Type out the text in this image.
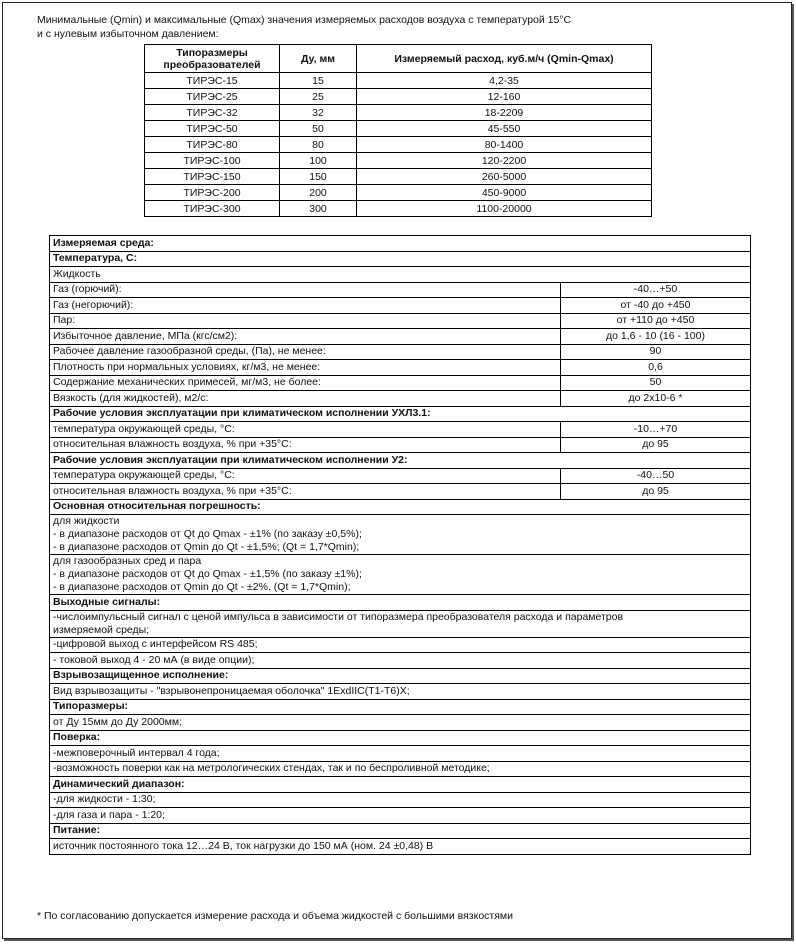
Минимальные (Qmin) и максимальные (Qmax) значения измеряемых расходов воздуха с температурой 15°С
и с нулевым избыточном давлением:
Типоразмеры преобразователей	Ду, мм	Измеряемый расход, куб.м/ч (Qmin-Qmax)
ТИРЭС-15	15	4,2-35
ТИРЭС-25	25	12-160
ТИРЭС-32	32	18-2209
ТИРЭС-50	50	45-550
ТИРЭС-80	80	80-1400
ТИРЭС-100	100	120-2200
ТИРЭС-150	150	260-5000
ТИРЭС-200	200	450-9000
ТИРЭС-300	300	1100-20000
Измеряемая среда:	
Температура, С:	
Жидкость	
Газ (горючий):	-40…+50
Газ (негорючий):	от -40 до +450
Пар:	от +110 до +450
Избыточное давление, МПа (кгс/см2):	до 1,6 - 10 (16 - 100)
Рабочее давление газообразной среды, (Па), не менее:	90
Плотность при нормальных условиях, кг/м3, не менее:	0,6
Содержание механических примесей, мг/м3, не более:	50
Вязкость (для жидкостей), м2/с:	до 2х10-6 *
Рабочие условия эксплуатации при климатическом исполнении УХЛ3.1:	
температура окружающей среды, °С:	-10…+70
относительная влажность воздуха, % при +35°С:	до 95
Рабочие условия эксплуатации при климатическом исполнении У2:	
температура окружающей среды, °С:	-40…50
относительная влажность воздуха, % при +35°С:	до 95
Основная относительная погрешность:	

для жидкости
- в диапазоне расходов от Qt до Qmax - ±1% (по заказу ±0,5%);
- в диапазоне расходов от Qmin до Qt - ±1,5%; (Qt = 1,7*Qmin);	

для газообразных сред и пара
- в диапазоне расходов от Qt до Qmax - ±1,5% (по заказу ±1%);
- в диапазоне расходов от Qmin до Qt - ±2%. (Qt = 1,7*Qmin);	

Выходные сигналы:	

-числоимпульсный сигнал с ценой импульса в зависимости от типоразмера преобразователя расхода и параметров
измеряемой среды;	

-цифровой выход с интерфейсом RS 485;	
- токовой выход 4 - 20 мА (в виде опции);	
Взрывозащищенное исполнение:	
Вид взрывозащиты - "взрывонепроницаемая оболочка" 1ExdIIC(T1-T6)X;	
Типоразмеры:	
от Ду 15мм до Ду 2000мм;	
Поверка:	
-межповерочный интервал 4 года;	
-возможность поверки как на метрологических стендах, так и по беспроливной методике;	
Динамический диапазон:	
-для жидкости - 1:30;	
-для газа и пара - 1:20;	
Питание:	
источник постоянного тока 12…24 В, ток нагрузки до 150 мА (ном. 24 ±0,48) В	
* По согласованию допускается измерение расхода и объема жидкостей с большими вязкостями
